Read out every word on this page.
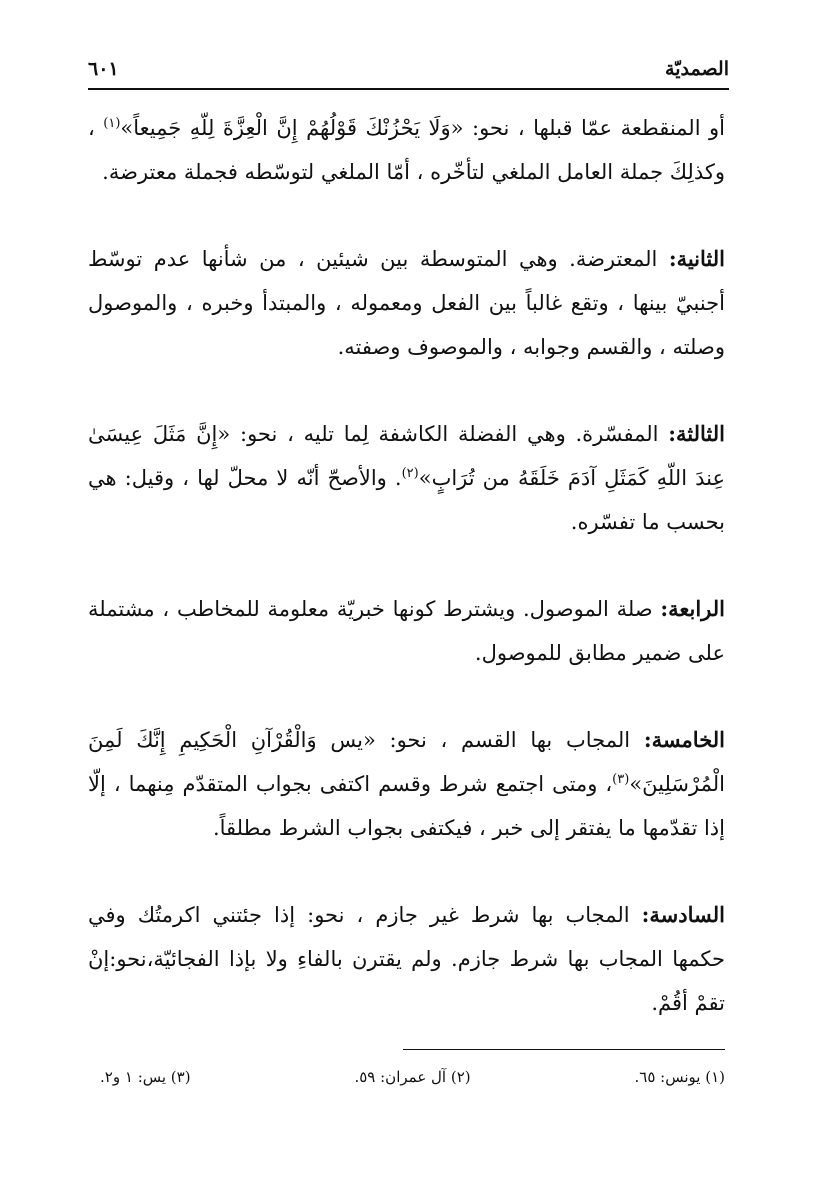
الصمديّة
٦٠١

أو المنقطعة عمّا قبلها ، نحو: «وَلَا يَحْزُنْكَ قَوْلُهُمْ إِنَّ الْعِزَّةَ لِلّهِ جَمِيعاً»$^{(١)}$ ، وكذلِكَ جملة العامل الملغي لتأخّره ، أمّا الملغي لتوسّطه فجملة معترضة.

الثانية: المعترضة. وهي المتوسطة بين شيئين ، من شأنها عدم توسّط أجنبيّ بينها ، وتقع غالباً بين الفعل ومعموله ، والمبتدأ وخبره ، والموصول وصلته ، والقسم وجوابه ، والموصوف وصفته.

الثالثة: المفسّرة. وهي الفضلة الكاشفة لِما تليه ، نحو: «إِنَّ مَثَلَ عِيسَىٰ عِندَ اللّهِ كَمَثَلِ آدَمَ خَلَقَهُ من تُرَابٍ»$^{(٢)}$. والأصحّ أنّه لا محلّ لها ، وقيل: هي بحسب ما تفسّره.

الرابعة: صلة الموصول. ويشترط كونها خبريّة معلومة للمخاطب ، مشتملة على ضمير مطابق للموصول.

الخامسة: المجاب بها القسم ، نحو: «يس وَالْقُرْآنِ الْحَكِيمِ إِنَّكَ لَمِنَ الْمُرْسَلِينَ»$^{(٣)}$، ومتى اجتمع شرط وقسم اكتفى بجواب المتقدّم مِنهما ، إلّا إذا تقدّمها ما يفتقر إلى خبر ، فيكتفى بجواب الشرط مطلقاً.

السادسة: المجاب بها شرط غير جازم ، نحو: إذا جئتني اكرمتُك وفي حكمها المجاب بها شرط جازم. ولم يقترن بالفاءِ ولا بإذا الفجائيّة،نحو:إنْ تقمْ أقُمْ.

(١) يونس: ٦٥.
(٢) آل عمران: ٥٩.
(٣) يس: ١ و٢.
